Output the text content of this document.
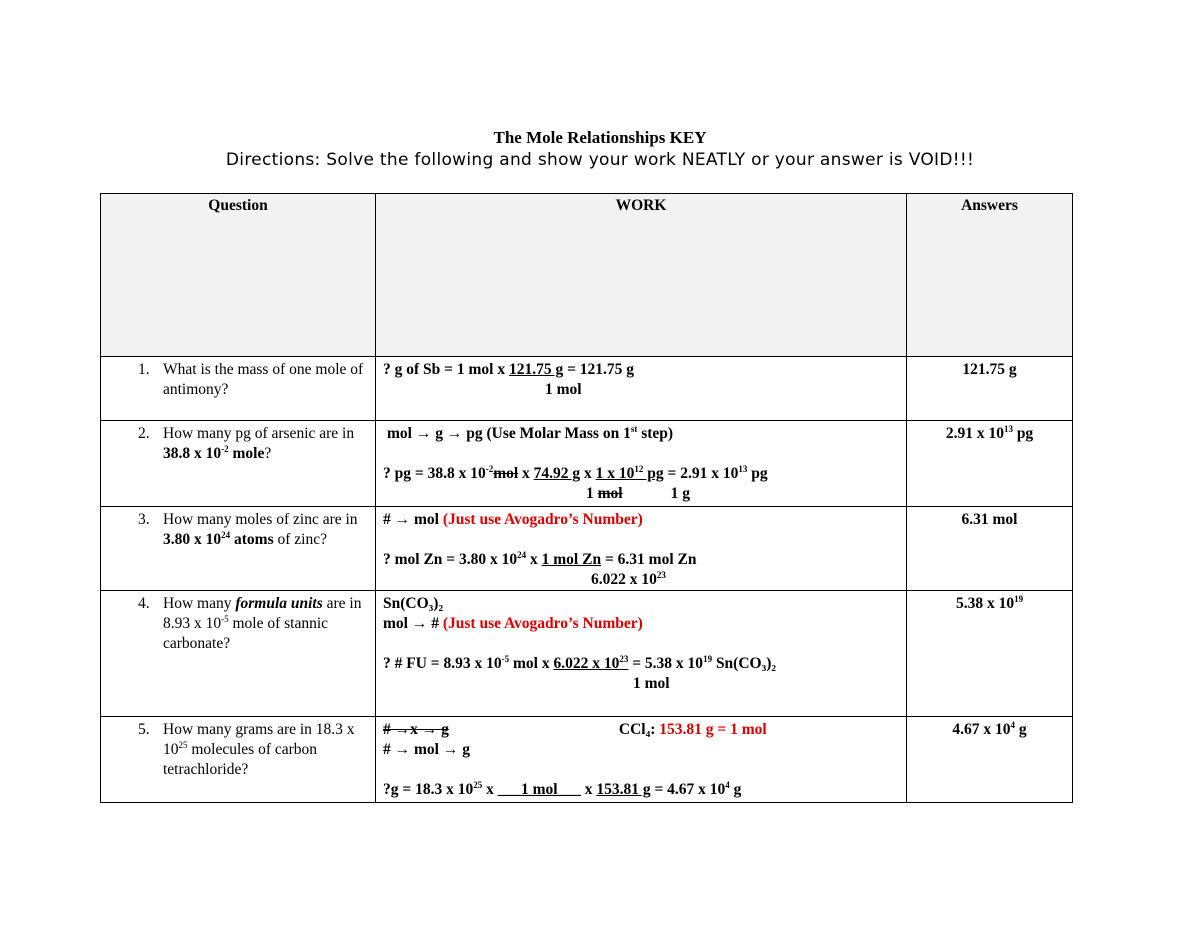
The Mole Relationships KEY
Directions: Solve the following and show your work NEATLY or your answer is VOID!!!
Question	WORK	Answers

1. What is the mass of one mole of antimony?	? g of Sb = 1 mol x 121.75 g = 121.75 g
1 mol	121.75 g

2. How many pg of arsenic are in 38.8 x $10^{-2}$ mole?	mol → g → pg (Use Molar Mass on 1st step)
? pg = 38.8 x $10^{-2}mol$ x 74.92 g x 1 x $10^{12}$ pg = 2.91 x $10^{13}$ pg
1 mol 1 g	2.91 x $10^{13}$ pg

3. How many moles of zinc are in 3.80 x $10^{24}$ atoms of zinc?	# → mol (Just use Avogadro’s Number)
? mol Zn = 3.80 x $10^{24}$ x 1 mol Zn = 6.31 mol Zn
6.022 x $10^{23}$	6.31 mol

4. How many formula units are in 8.93 x $10^{-5}$ mole of stannic carbonate?	Sn(CO₃)₂
mol → # (Just use Avogadro’s Number)
? # FU = 8.93 x $10^{-5}$ mol x 6.022 x $10^{23} = 5.38$ x $10^{19}$ Sn(CO₃)₂
1 mol	5.38 x $10^{19}$

5. How many grams are in 18.3 x $10^{25}$ molecules of carbon tetrachloride?	# →x → g CCl₄: 153.81 g = 1 mol
# → mol → g
?g = 18.3 x $10^{25}$ x ___1 mol___ x 153.81 g = 4.67 x $10^4$ g	4.67 x $10^4$ g
